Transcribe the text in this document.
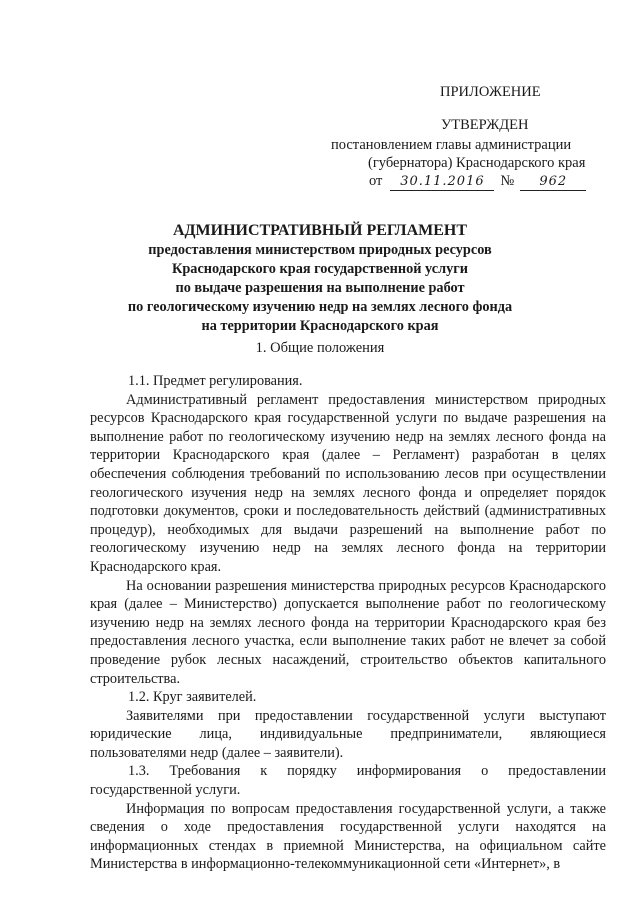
ПРИЛОЖЕНИЕ
УТВЕРЖДЕН
постановлением главы администрации
(губернатора) Краснодарского края
от 30.11.2016 № 962
АДМИНИСТРАТИВНЫЙ РЕГЛАМЕНТ
предоставления министерством природных ресурсов
Краснодарского края государственной услуги
по выдаче разрешения на выполнение работ
по геологическому изучению недр на землях лесного фонда
на территории Краснодарского края
1. Общие положения

1.1. Предмет регулирования.

Административный регламент предоставления министерством природных ресурсов Краснодарского края государственной услуги по выдаче разрешения на выполнение работ по геологическому изучению недр на землях лесного фонда на территории Краснодарского края (далее – Регламент) разработан в целях обеспечения соблюдения требований по использованию лесов при осуществлении геологического изучения недр на землях лесного фонда и определяет порядок подготовки документов, сроки и последовательность действий (административных процедур), необходимых для выдачи разрешений на выполнение работ по геологическому изучению недр на землях лесного фонда на территории Краснодарского края.

На основании разрешения министерства природных ресурсов Краснодарского края (далее – Министерство) допускается выполнение работ по геологическому изучению недр на землях лесного фонда на территории Краснодарского края без предоставления лесного участка, если выполнение таких работ не влечет за собой проведение рубок лесных насаждений, строительство объектов капитального строительства.

1.2. Круг заявителей.

Заявителями при предоставлении государственной услуги выступают юридические лица, индивидуальные предприниматели, являющиеся пользователями недр (далее – заявители).

1.3. Требования к порядку информирования о предоставлении государственной услуги.

Информация по вопросам предоставления государственной услуги, а также сведения о ходе предоставления государственной услуги находятся на информационных стендах в приемной Министерства, на официальном сайте Министерства в информационно-телекоммуникационной сети «Интернет», в
